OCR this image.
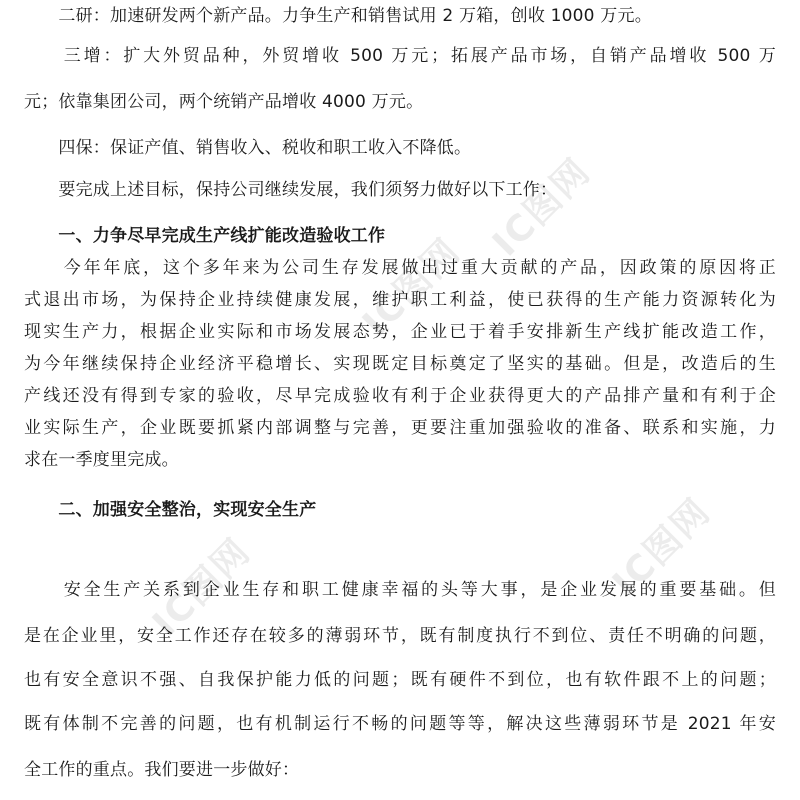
IC图网
IC图网
IC图网
IC图网
　　二研：加速研发两个新产品。力争生产和销售试用 2 万箱，创收 1000 万元。
　　三增：扩大外贸品种，外贸增收 500 万元；拓展产品市场，自销产品增收 500 万
元；依靠集团公司，两个统销产品增收 4000 万元。
　　四保：保证产值、销售收入、税收和职工收入不降低。
　　要完成上述目标，保持公司继续发展，我们须努力做好以下工作：
　　一、力争尽早完成生产线扩能改造验收工作
　　今年年底，这个多年来为公司生存发展做出过重大贡献的产品，因政策的原因将正
式退出市场，为保持企业持续健康发展，维护职工利益，使已获得的生产能力资源转化为
现实生产力，根据企业实际和市场发展态势，企业已于着手安排新生产线扩能改造工作，
为今年继续保持企业经济平稳增长、实现既定目标奠定了坚实的基础。但是，改造后的生
产线还没有得到专家的验收，尽早完成验收有利于企业获得更大的产品排产量和有利于企
业实际生产，企业既要抓紧内部调整与完善，更要注重加强验收的准备、联系和实施，力
求在一季度里完成。
　　二、加强安全整治，实现安全生产
　　安全生产关系到企业生存和职工健康幸福的头等大事，是企业发展的重要基础。但
是在企业里，安全工作还存在较多的薄弱环节，既有制度执行不到位、责任不明确的问题，
也有安全意识不强、自我保护能力低的问题；既有硬件不到位，也有软件跟不上的问题；
既有体制不完善的问题，也有机制运行不畅的问题等等，解决这些薄弱环节是 2021 年安
全工作的重点。我们要进一步做好：
